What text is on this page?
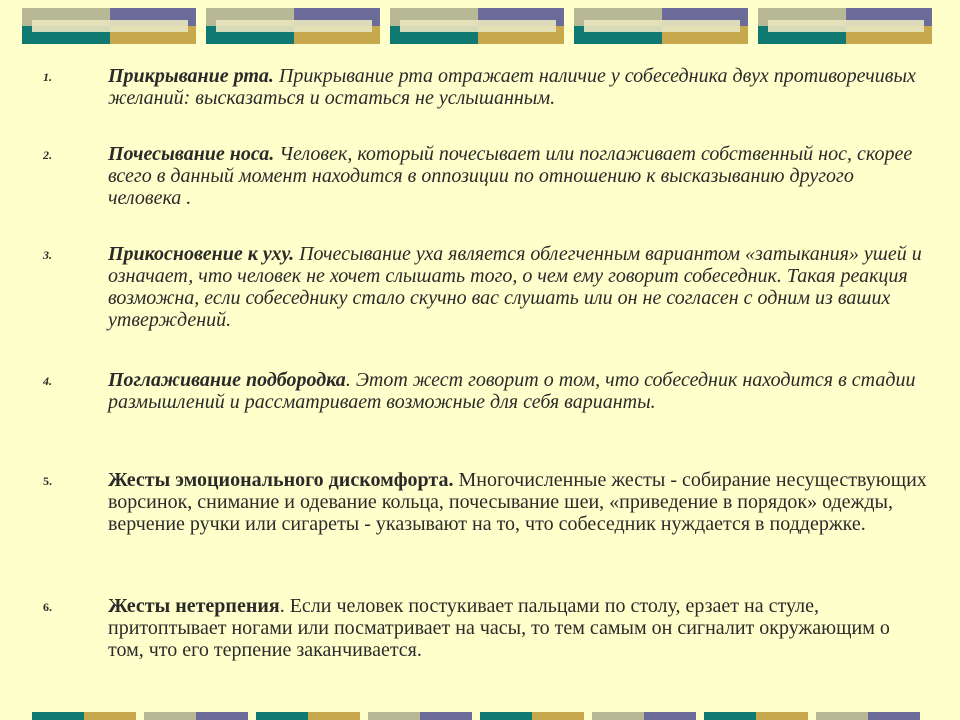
1.	Прикрывание рта. Прикрывание рта отражает наличие у собеседника двух противоречивых желаний: высказаться и остаться не услышанным.
2.	Почесывание носа. Человек, который почесывает или поглаживает собственный нос, скорее всего в данный момент находится в оппозиции по отношению к высказыванию другого человека .
3.	Прикосновение к уху. Почесывание уха является облегченным вариантом «затыкания» ушей и означает, что человек не хочет слышать того, о чем ему говорит собеседник. Такая реакция возможна, если собеседнику стало скучно вас слушать или он не согласен с одним из ваших утверждений.
4.	Поглаживание подбородка. Этот жест говорит о том, что собеседник находится в стадии размышлений и рассматривает возможные для себя варианты.
5.	Жесты эмоционального дискомфорта. Многочисленные жесты - собирание несуществующих ворсинок, снимание и одевание кольца, почесывание шеи, «приведение в порядок» одежды, верчение ручки или сигареты - указывают на то, что собеседник нуждается в поддержке.
6.	Жесты нетерпения. Если человек постукивает пальцами по столу, ерзает на стуле, притоптывает ногами или посматривает на часы, то тем самым он сигналит окружающим о том, что его терпение заканчивается.
